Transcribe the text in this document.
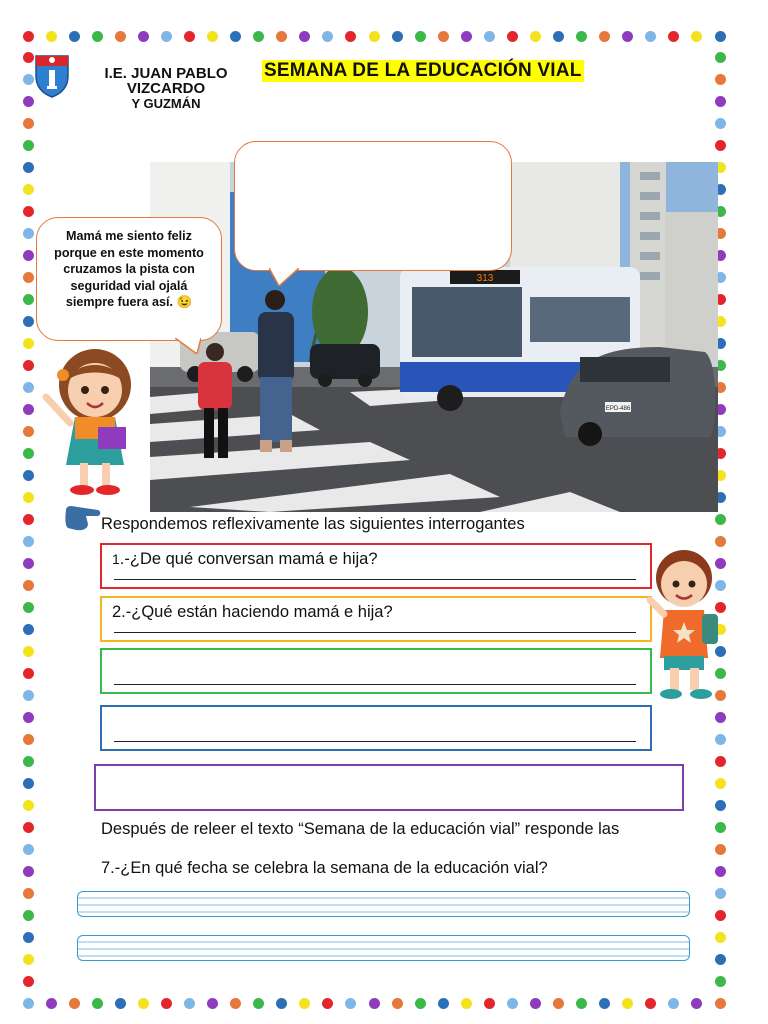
I.E. JUAN PABLO VIZCARDO
Y GUZMÁN
SEMANA DE LA EDUCACIÓN VIAL
313
EPD-486

Mamá me siento feliz porque en este momento cruzamos la pista con seguridad vial ojalá siempre fuera así. 😉

Respondemos reflexivamente las siguientes interrogantes
1.-¿De qué conversan mamá e hija?
2.-¿Qué están haciendo mamá e hija?
Después de releer el texto “Semana de la educación vial” responde las
7.-¿En qué fecha se celebra la semana de la educación vial?
